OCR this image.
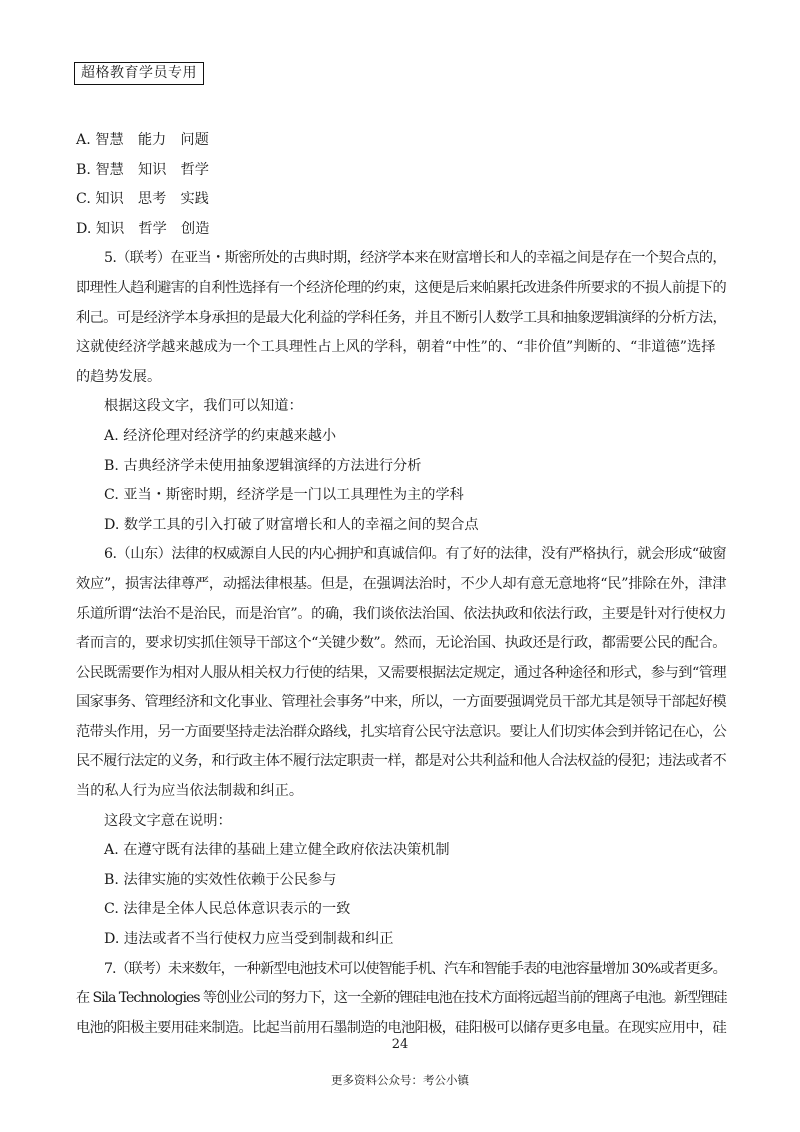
超格教育学员专用
A. 智慧　能力　问题
B. 智慧　知识　哲学
C. 知识　思考　实践
D. 知识　哲学　创造
5.（联考）在亚当・斯密所处的古典时期，经济学本来在财富增长和人的幸福之间是存在一个契合点的，
即理性人趋利避害的自利性选择有一个经济伦理的约束，这便是后来帕累托改进条件所要求的不损人前提下的
利己。可是经济学本身承担的是最大化利益的学科任务，并且不断引人数学工具和抽象逻辑演绎的分析方法，
这就使经济学越来越成为一个工具理性占上风的学科，朝着“中性”的、“非价值”判断的、“非道德”选择
的趋势发展。
根据这段文字，我们可以知道：
A. 经济伦理对经济学的约束越来越小
B. 古典经济学未使用抽象逻辑演绎的方法进行分析
C. 亚当・斯密时期，经济学是一门以工具理性为主的学科
D. 数学工具的引入打破了财富增长和人的幸福之间的契合点
6.（山东）法律的权威源自人民的内心拥护和真诚信仰。有了好的法律，没有严格执行，就会形成“破窗
效应”，损害法律尊严，动摇法律根基。但是，在强调法治时，不少人却有意无意地将“民”排除在外，津津
乐道所谓“法治不是治民，而是治官”。的确，我们谈依法治国、依法执政和依法行政，主要是针对行使权力
者而言的，要求切实抓住领导干部这个“关键少数”。然而，无论治国、执政还是行政，都需要公民的配合。
公民既需要作为相对人服从相关权力行使的结果，又需要根据法定规定，通过各种途径和形式，参与到“管理
国家事务、管理经济和文化事业、管理社会事务”中来，所以，一方面要强调党员干部尤其是领导干部起好模
范带头作用，另一方面要坚持走法治群众路线，扎实培育公民守法意识。要让人们切实体会到并铭记在心，公
民不履行法定的义务，和行政主体不履行法定职责一样，都是对公共利益和他人合法权益的侵犯；违法或者不
当的私人行为应当依法制裁和纠正。
这段文字意在说明：
A. 在遵守既有法律的基础上建立健全政府依法决策机制
B. 法律实施的实效性依赖于公民参与
C. 法律是全体人民总体意识表示的一致
D. 违法或者不当行使权力应当受到制裁和纠正
7.（联考）未来数年，一种新型电池技术可以使智能手机、汽车和智能手表的电池容量增加 30%或者更多。
在 Sila Technologies 等创业公司的努力下，这一全新的锂硅电池在技术方面将远超当前的锂离子电池。新型锂硅
电池的阳极主要用硅来制造。比起当前用石墨制造的电池阳极，硅阳极可以储存更多电量。在现实应用中，硅
24
更多资料公众号：考公小镇
